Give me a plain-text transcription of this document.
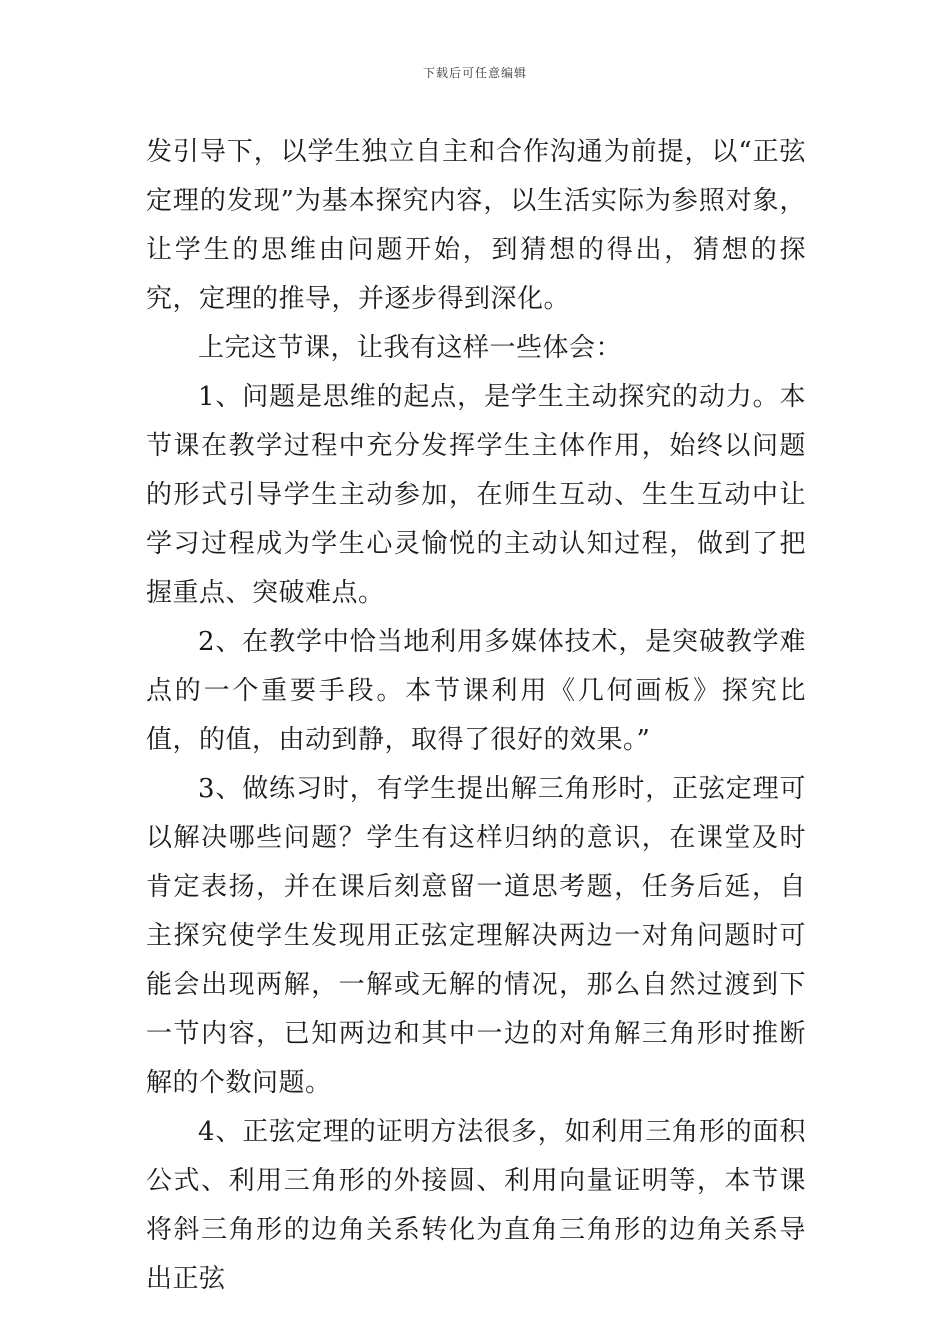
下载后可任意编辑

发引导下，以学生独立自主和合作沟通为前提，以“正弦定理的发现”为基本探究内容，以生活实际为参照对象，让学生的思维由问题开始，到猜想的得出，猜想的探究，定理的推导，并逐步得到深化。

上完这节课，让我有这样一些体会：

1、问题是思维的起点，是学生主动探究的动力。本节课在教学过程中充分发挥学生主体作用，始终以问题的形式引导学生主动参加，在师生互动、生生互动中让学习过程成为学生心灵愉悦的主动认知过程，做到了把握重点、突破难点。

2、在教学中恰当地利用多媒体技术，是突破教学难点的一个重要手段。本节课利用《几何画板》探究比值，的值，由动到静，取得了很好的效果。”

3、做练习时，有学生提出解三角形时，正弦定理可以解决哪些问题？学生有这样归纳的意识，在课堂及时肯定表扬，并在课后刻意留一道思考题，任务后延，自主探究使学生发现用正弦定理解决两边一对角问题时可能会出现两解，一解或无解的情况，那么自然过渡到下一节内容，已知两边和其中一边的对角解三角形时推断解的个数问题。

4、正弦定理的证明方法很多，如利用三角形的面积公式、利用三角形的外接圆、利用向量证明等，本节课将斜三角形的边角关系转化为直角三角形的边角关系导出正弦
